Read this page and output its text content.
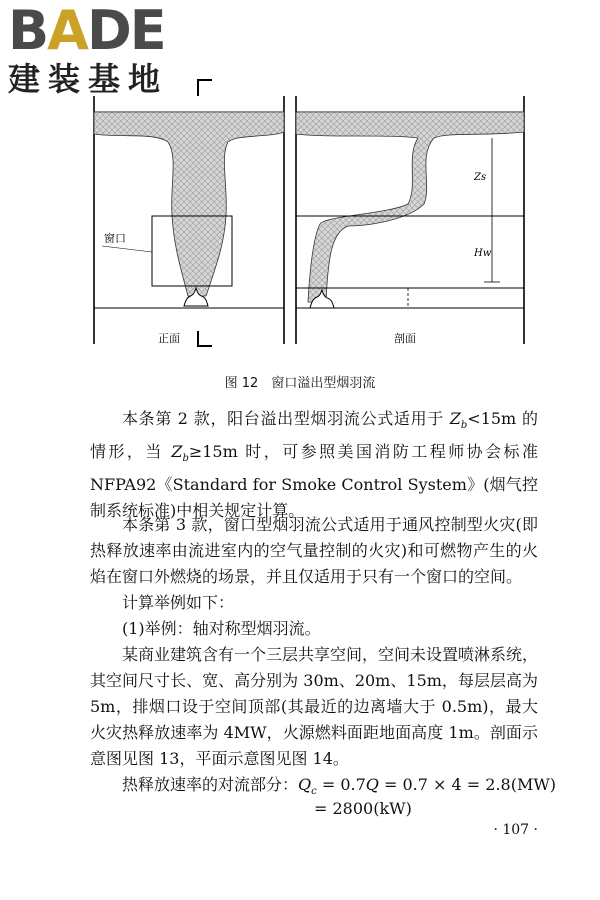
BADE
建装基地
正面	剖面
窗口
Zs
Hw
图 12　窗口溢出型烟羽流
本条第 2 款，阳台溢出型烟羽流公式适用于 $Z_b<15m$ 的情形，当 $Z_b\ge 15m$ 时，可参照美国消防工程师协会标准 NFPA92《Standard for Smoke Control System》(烟气控制系统标准)中相关规定计算。
本条第 3 款，窗口型烟羽流公式适用于通风控制型火灾(即热释放速率由流进室内的空气量控制的火灾)和可燃物产生的火焰在窗口外燃烧的场景，并且仅适用于只有一个窗口的空间。
计算举例如下：
(1)举例：轴对称型烟羽流。
某商业建筑含有一个三层共享空间，空间未设置喷淋系统，其空间尺寸长、宽、高分别为 30m、20m、15m，每层层高为 5m，排烟口设于空间顶部(其最近的边离墙大于 0.5m)，最大火灾热释放速率为 4MW，火源燃料面距地面高度 1m。剖面示意图见图 13，平面示意图见图 14。
热释放速率的对流部分：$Q_c = 0.7Q = 0.7 \times 4 = 2.8(MW)$
= 2800(kW)
· 107 ·
